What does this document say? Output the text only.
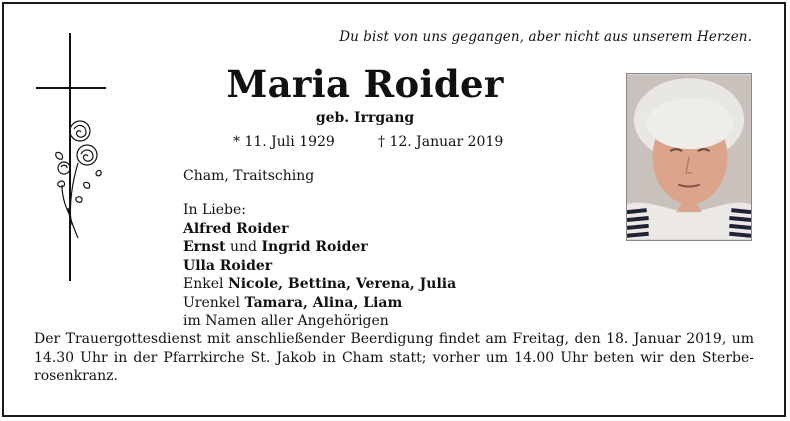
Du bist von uns gegangen, aber nicht aus unserem Herzen.
Maria Roider
geb. Irrgang
* 11. Juli 1929	† 12. Januar 2019
Cham, Traitsching
In Liebe:
Alfred Roider
Ernst und Ingrid Roider
Ulla Roider
Enkel Nicole, Bettina, Verena, Julia
Urenkel Tamara, Alina, Liam
im Namen aller Angehörigen
Der Trauergottesdienst mit anschließender Beerdigung findet am Freitag, den 18. Januar 2019, um 14.30 Uhr in der Pfarrkirche St. Jakob in Cham statt; vorher um 14.00 Uhr beten wir den Sterberosenkranz.
